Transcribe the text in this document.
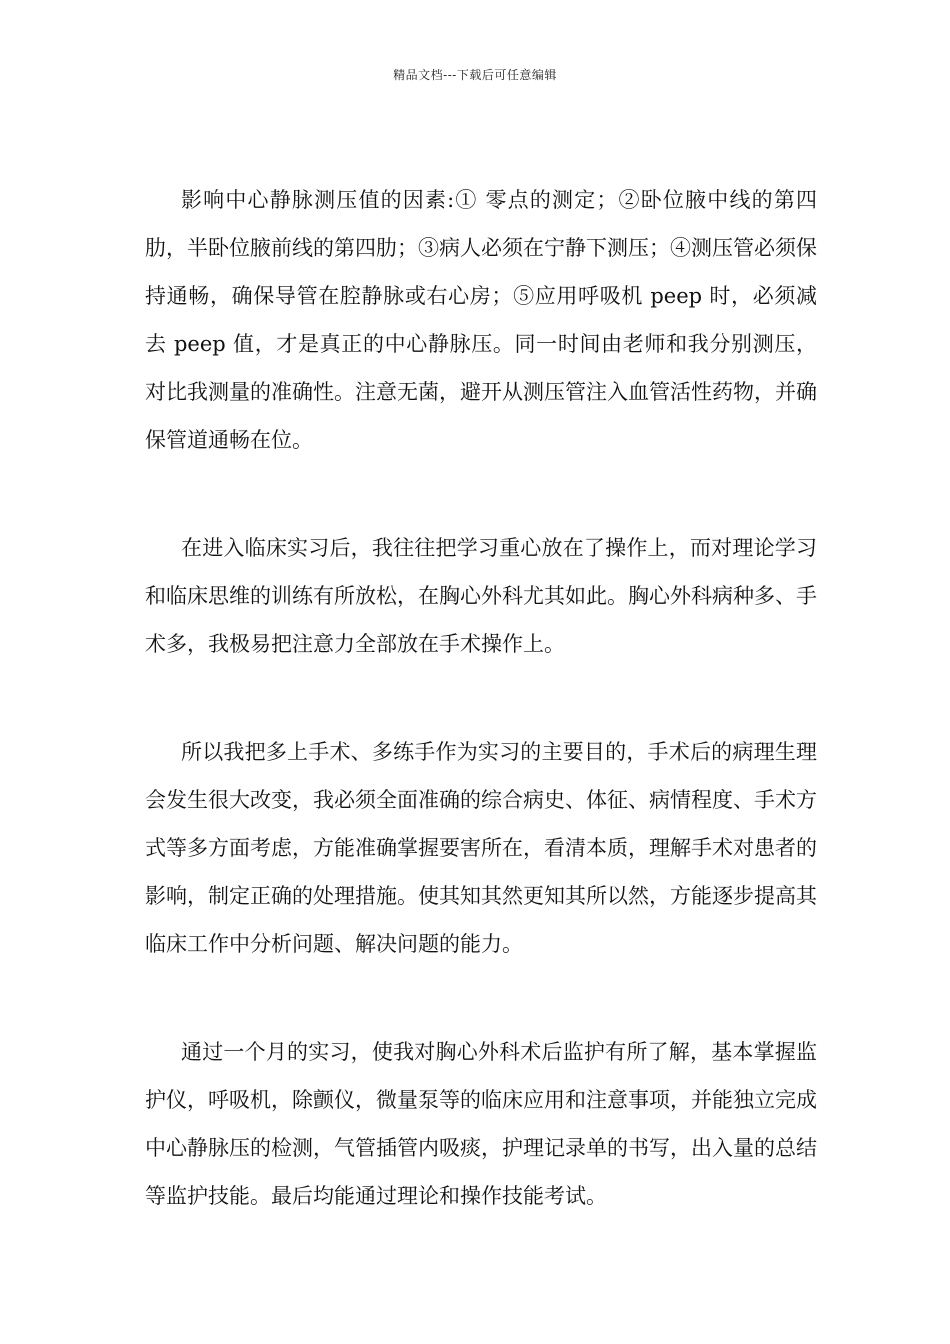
精品文档---下载后可任意编辑

影响中心静脉测压值的因素:① 零点的测定；②卧位腋中线的第四肋，半卧位腋前线的第四肋；③病人必须在宁静下测压；④测压管必须保持通畅，确保导管在腔静脉或右心房；⑤应用呼吸机 peep 时，必须减去 peep 值，才是真正的中心静脉压。同一时间由老师和我分别测压，对比我测量的准确性。注意无菌，避开从测压管注入血管活性药物，并确保管道通畅在位。

在进入临床实习后，我往往把学习重心放在了操作上，而对理论学习和临床思维的训练有所放松，在胸心外科尤其如此。胸心外科病种多、手术多，我极易把注意力全部放在手术操作上。

所以我把多上手术、多练手作为实习的主要目的，手术后的病理生理会发生很大改变，我必须全面准确的综合病史、体征、病情程度、手术方式等多方面考虑，方能准确掌握要害所在，看清本质，理解手术对患者的影响，制定正确的处理措施。使其知其然更知其所以然，方能逐步提高其临床工作中分析问题、解决问题的能力。

通过一个月的实习，使我对胸心外科术后监护有所了解，基本掌握监护仪，呼吸机，除颤仪，微量泵等的临床应用和注意事项，并能独立完成中心静脉压的检测，气管插管内吸痰，护理记录单的书写，出入量的总结等监护技能。最后均能通过理论和操作技能考试。
